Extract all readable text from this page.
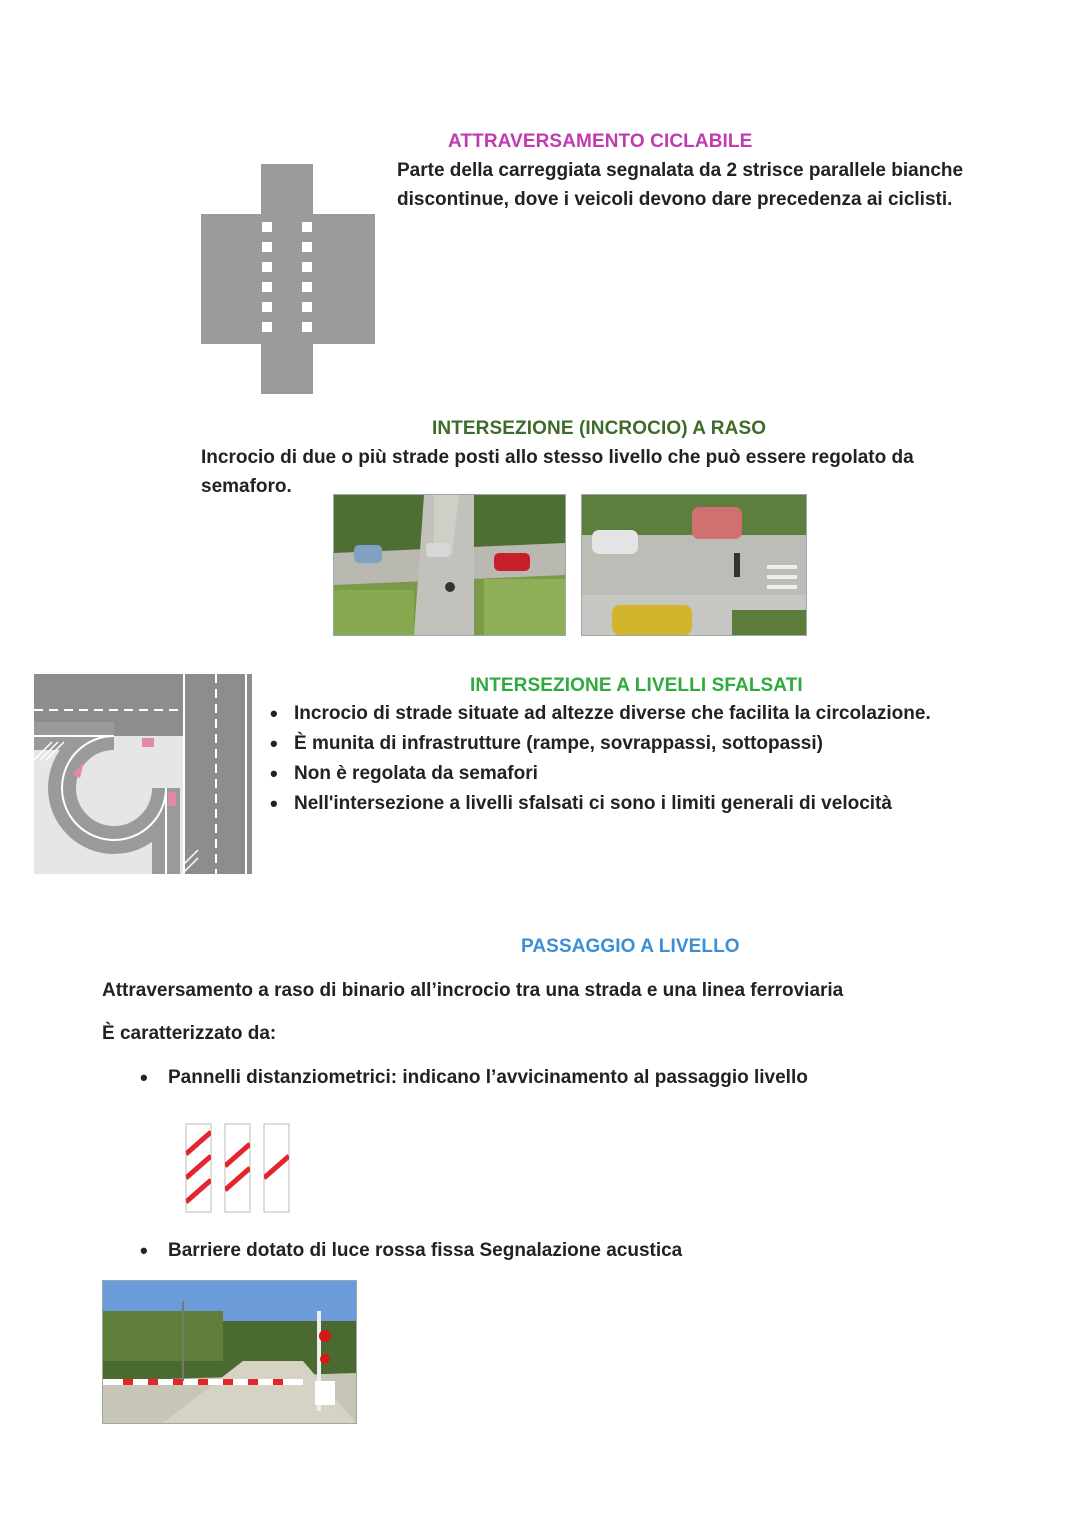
ATTRAVERSAMENTO CICLABILE
Parte della carreggiata segnalata da 2 strisce parallele bianche discontinue, dove i veicoli devono dare precedenza ai ciclisti.
INTERSEZIONE (INCROCIO) A RASO
Incrocio di due o più strade posti allo stesso livello che può essere regolato da semaforo.
INTERSEZIONE A LIVELLI SFALSATI
• Incrocio di strade situate ad altezze diverse che facilita la circolazione.
• È munita di infrastrutture (rampe, sovrappassi, sottopassi)
• Non è regolata da semafori
• Nell'intersezione a livelli sfalsati ci sono i limiti generali di velocità
PASSAGGIO A LIVELLO
Attraversamento a raso di binario all’incrocio tra una strada e una linea ferroviaria
È caratterizzato da:
• Pannelli distanziometrici: indicano l’avvicinamento al passaggio livello
• Barriere dotato di luce rossa fissa Segnalazione acustica
